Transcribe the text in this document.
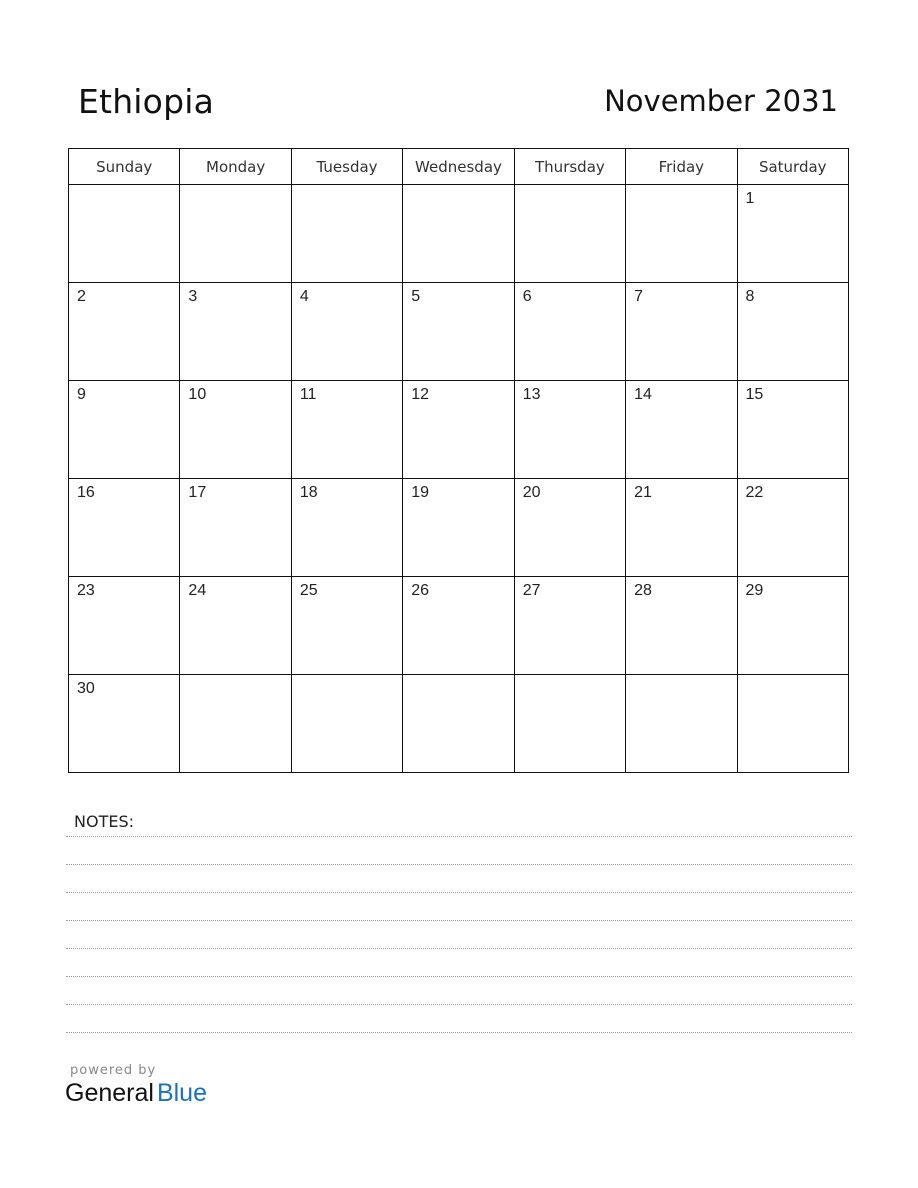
Ethiopia	November 2031
Sunday	Monday	Tuesday	Wednesday	Thursday	Friday	Saturday

						1

2	3	4	5	6	7	8

9	10	11	12	13	14	15

16	17	18	19	20	21	22

23	24	25	26	27	28	29

30						

NOTES:
powered by
General Blue
